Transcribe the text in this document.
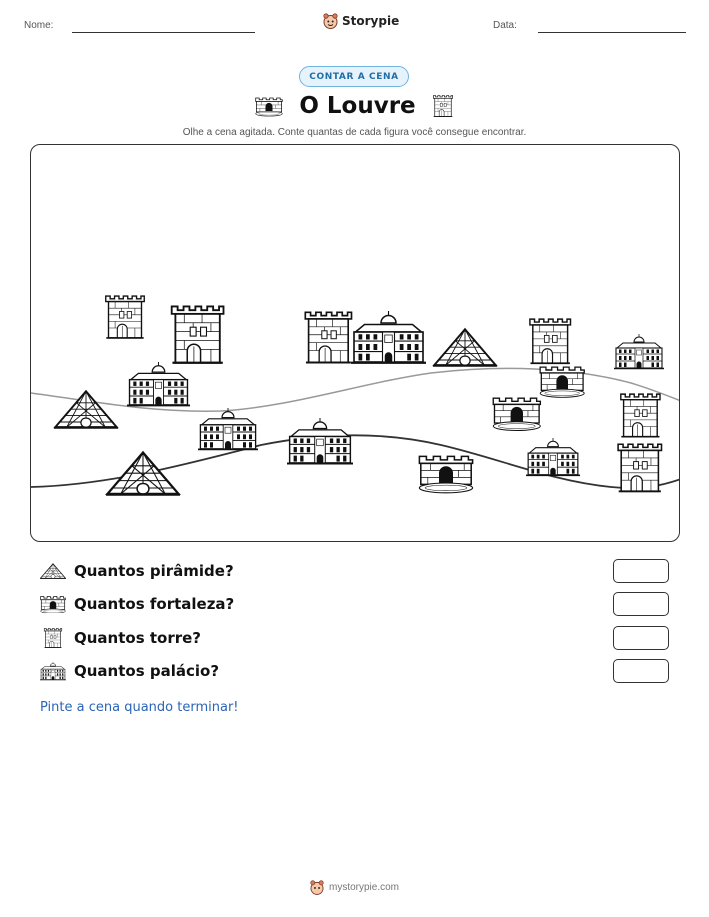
Nome:	Data:
Storypie
CONTAR A CENA
O Louvre
Olhe a cena agitada. Conte quantas de cada figura você consegue encontrar.
Quantos pirâmide?
Quantos fortaleza?
Quantos torre?
Quantos palácio?
Pinte a cena quando terminar!
mystorypie.com
